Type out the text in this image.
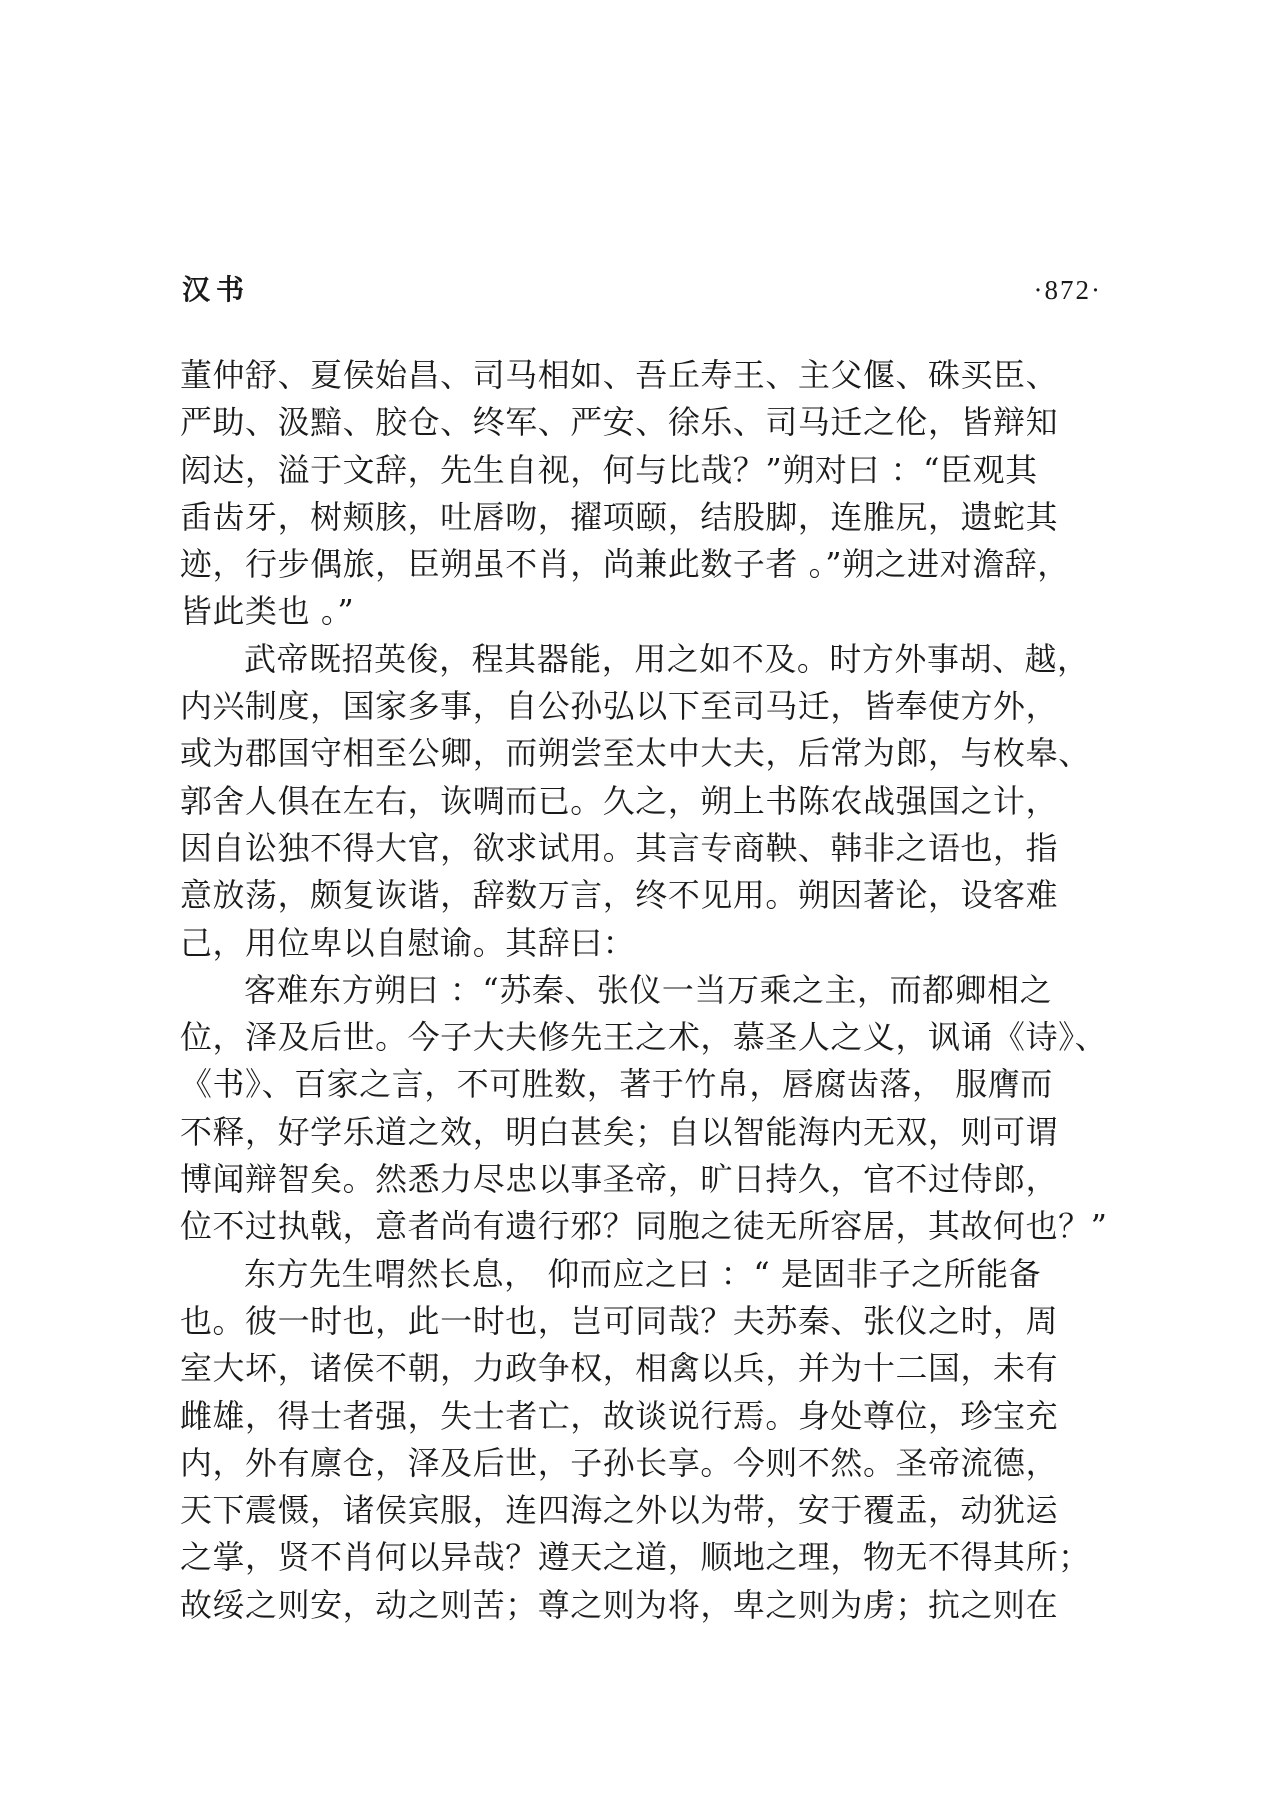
汉书	·872·
董仲舒、夏侯始昌、司马相如、吾丘寿王、主父偃、硃买臣、
严助、汲黯、胶仓、终军、严安、徐乐、司马迁之伦，皆辩知
闳达，溢于文辞，先生自视，何与比哉？”朔对曰 ：“臣观其
臿齿牙，树颊胲，吐唇吻，擢项颐，结股脚，连脽尻，遗蛇其
迹，行步偶旅，臣朔虽不肖，尚兼此数子者 。”朔之进对澹辞，
皆此类也 。”
武帝既招英俊，程其器能，用之如不及。时方外事胡、越，
内兴制度，国家多事，自公孙弘以下至司马迁，皆奉使方外，
或为郡国守相至公卿，而朔尝至太中大夫，后常为郎，与枚皋、
郭舍人俱在左右，诙啁而已。久之，朔上书陈农战强国之计，
因自讼独不得大官，欲求试用。其言专商鞅、韩非之语也，指
意放荡，颇复诙谐，辞数万言，终不见用。朔因著论，设客难
己，用位卑以自慰谕。其辞曰：
客难东方朔曰 ：“苏秦、张仪一当万乘之主，而都卿相之
位，泽及后世。今子大夫修先王之术，慕圣人之义，讽诵《诗》、
《书》、百家之言，不可胜数，著于竹帛，唇腐齿落， 服膺而
不释，好学乐道之效，明白甚矣；自以智能海内无双，则可谓
博闻辩智矣。然悉力尽忠以事圣帝，旷日持久，官不过侍郎，
位不过执戟，意者尚有遗行邪？同胞之徒无所容居，其故何也？”
东方先生喟然长息， 仰而应之曰 ：“ 是固非子之所能备
也。彼一时也，此一时也，岂可同哉？夫苏秦、张仪之时，周
室大坏，诸侯不朝，力政争权，相禽以兵，并为十二国，未有
雌雄，得士者强，失士者亡，故谈说行焉。身处尊位，珍宝充
内，外有廪仓，泽及后世，子孙长享。今则不然。圣帝流德，
天下震慑，诸侯宾服，连四海之外以为带，安于覆盂，动犹运
之掌，贤不肖何以异哉？遵天之道，顺地之理，物无不得其所；
故绥之则安，动之则苦；尊之则为将，卑之则为虏；抗之则在
